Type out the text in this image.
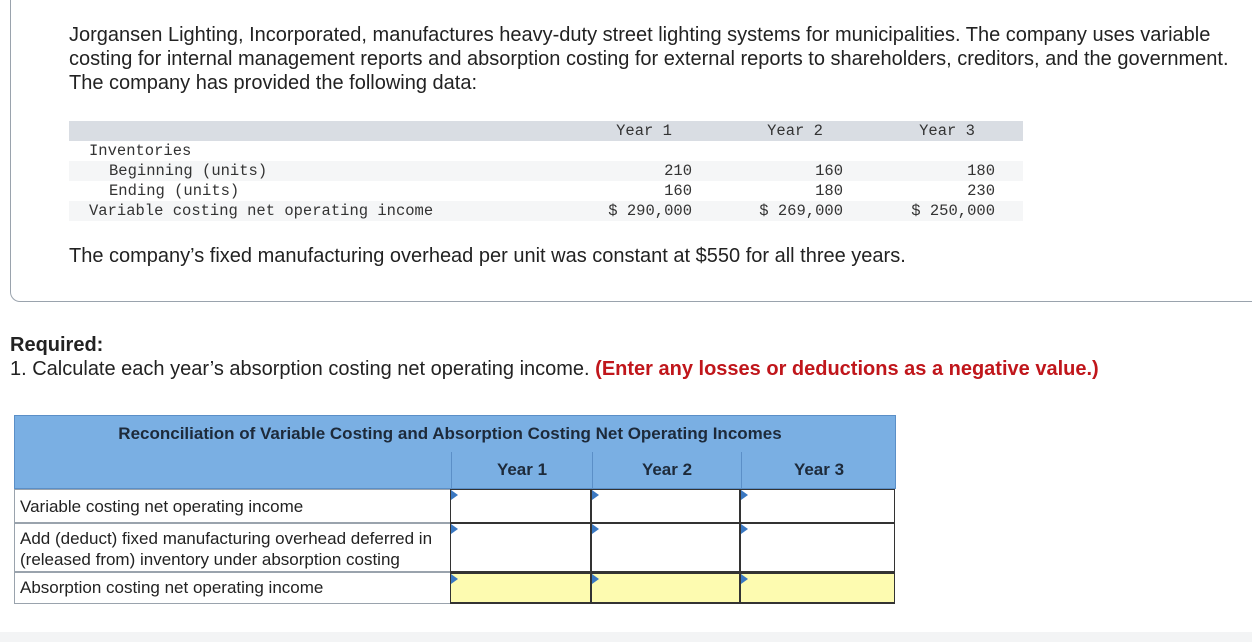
Jorgansen Lighting, Incorporated, manufactures heavy-duty street lighting systems for municipalities. The company uses variable costing for internal management reports and absorption costing for external reports to shareholders, creditors, and the government. The company has provided the following data:
Year 1	Year 2	Year 3
Inventories
Beginning (units)	210	160	180
Ending (units)	160	180	230
Variable costing net operating income	$ 290,000	$ 269,000	$ 250,000
The company’s fixed manufacturing overhead per unit was constant at $550 for all three years.
Required:
1. Calculate each year’s absorption costing net operating income. (Enter any losses or deductions as a negative value.)
Reconciliation of Variable Costing and Absorption Costing Net Operating Incomes
Year 1	Year 2	Year 3
Variable costing net operating income
Add (deduct) fixed manufacturing overhead deferred in (released from) inventory under absorption costing
Absorption costing net operating income
